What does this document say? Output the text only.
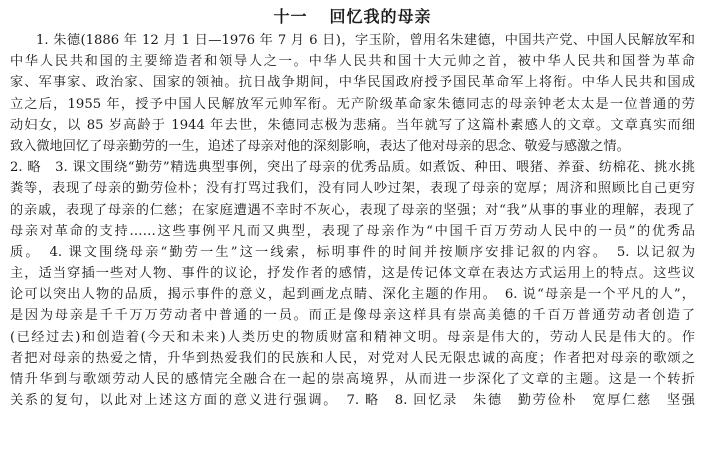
十一 回忆我的母亲
1. 朱德(1886 年 12 月 1 日—1976 年 7 月 6 日)，字玉阶，曾用名朱建德，中国共产党、中国人民解放军和
中华人民共和国的主要缔造者和领导人之一。中华人民共和国十大元帅之首，被中华人民共和国誉为革命
家、军事家、政治家、国家的领袖。抗日战争期间，中华民国政府授予国民革命军上将衔。中华人民共和国成
立之后，1955 年，授予中国人民解放军元帅军衔。无产阶级革命家朱德同志的母亲钟老太太是一位普通的劳
动妇女，以 85 岁高龄于 1944 年去世，朱德同志极为悲痛。当年就写了这篇朴素感人的文章。文章真实而细
致入微地回忆了母亲勤劳的一生，追述了母亲对他的深刻影响，表达了他对母亲的思念、敬爱与感激之情。
2. 略　3. 课文围绕“勤劳”精选典型事例，突出了母亲的优秀品质。如煮饭、种田、喂猪、养蚕、纺棉花、挑水挑
粪等，表现了母亲的勤劳俭朴；没有打骂过我们，没有同人吵过架，表现了母亲的宽厚；周济和照顾比自己更穷
的亲戚，表现了母亲的仁慈；在家庭遭遇不幸时不灰心，表现了母亲的坚强；对“我”从事的事业的理解，表现了
母亲对革命的支持……这些事例平凡而又典型，表现了母亲作为“中国千百万劳动人民中的一员”的优秀品
质。　4. 课文围绕母亲“勤劳一生”这一线索，标明事件的时间并按顺序安排记叙的内容。　5. 以记叙为
主，适当穿插一些对人物、事件的议论，抒发作者的感情，这是传记体文章在表达方式运用上的特点。这些议
论可以突出人物的品质，揭示事件的意义，起到画龙点睛、深化主题的作用。　6. 说“母亲是一个平凡的人”，
是因为母亲是千千万万劳动者中普通的一员。而正是像母亲这样具有崇高美德的千百万普通劳动者创造了
(已经过去)和创造着(今天和未来)人类历史的物质财富和精神文明。母亲是伟大的，劳动人民是伟大的。作
者把对母亲的热爱之情，升华到热爱我们的民族和人民，对党对人民无限忠诚的高度；作者把对母亲的歌颂之
情升华到与歌颂劳动人民的感情完全融合在一起的崇高境界，从而进一步深化了文章的主题。这是一个转折
关系的复句，以此对上述这方面的意义进行强调。　7. 略　8. 回忆录　朱德　勤劳俭朴　宽厚仁慈　坚强
